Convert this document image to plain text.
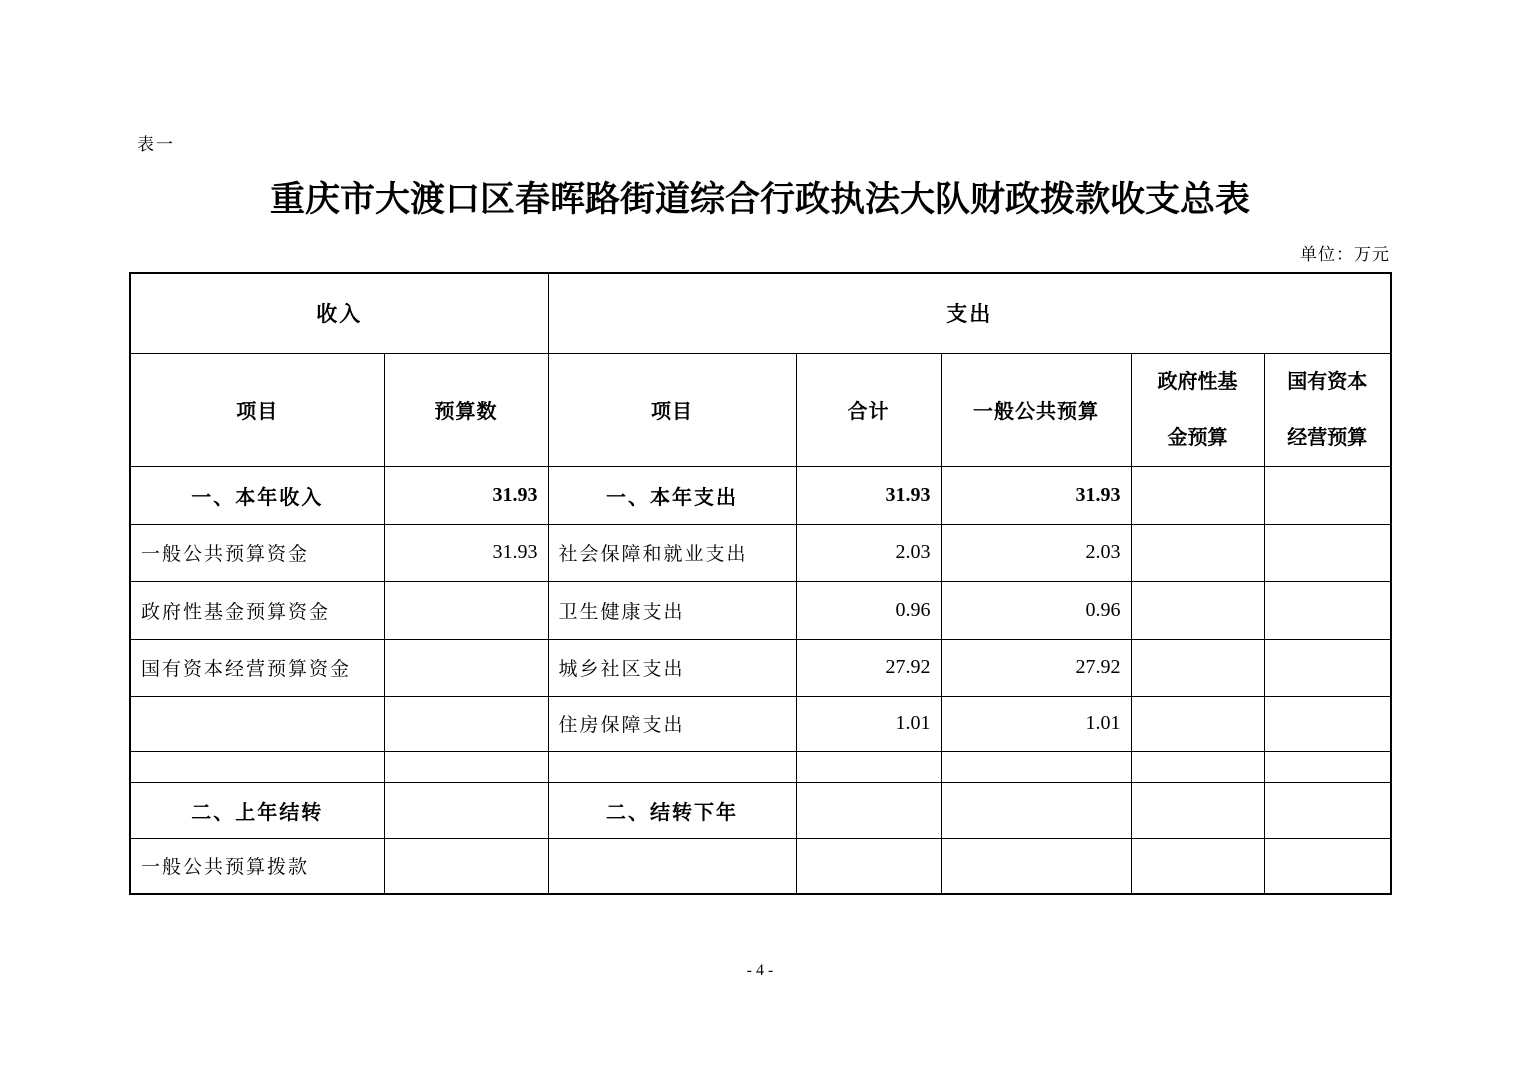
表一
重庆市大渡口区春晖路街道综合行政执法大队财政拨款收支总表
单位：万元
收入		支出				
项目	预算数	项目	合计	一般公共预算	政府性基金预算	国有资本经营预算
一、本年收入	31.93	一、本年支出	31.93	31.93		
一般公共预算资金	31.93	社会保障和就业支出	2.03	2.03		
政府性基金预算资金		卫生健康支出	0.96	0.96		
国有资本经营预算资金		城乡社区支出	27.92	27.92		
		住房保障支出	1.01	1.01		

二、上年结转		二、结转下年				
一般公共预算拨款						
- 4 -
